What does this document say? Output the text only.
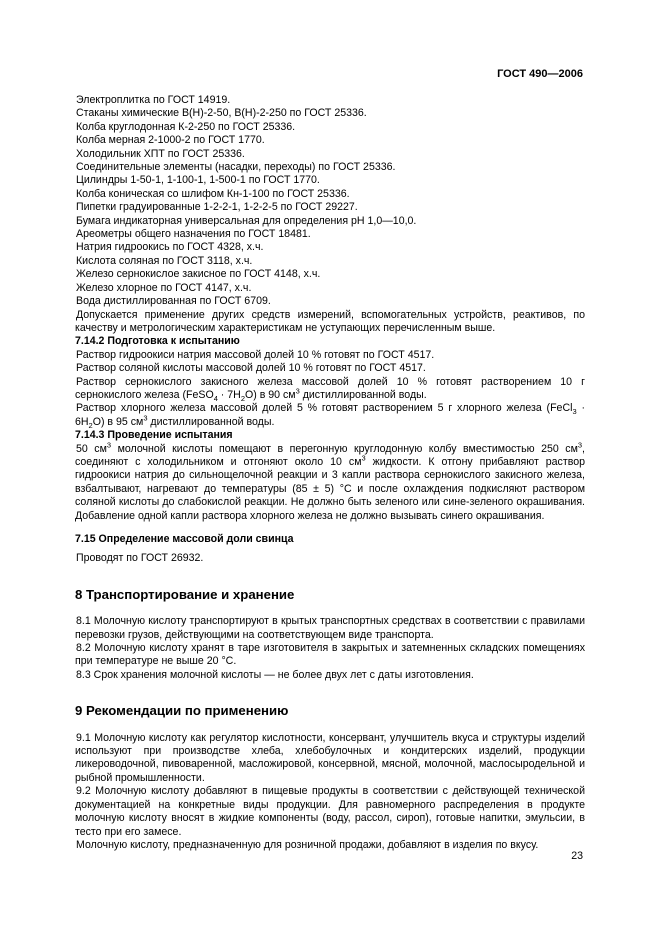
ГОСТ 490—2006

Электроплитка по ГОСТ 14919.

Стаканы химические В(Н)-2-50, В(Н)-2-250 по ГОСТ 25336.

Колба круглодонная К-2-250 по ГОСТ 25336.

Колба мерная 2-1000-2 по ГОСТ 1770.

Холодильник ХПТ по ГОСТ 25336.

Соединительные элементы (насадки, переходы) по ГОСТ 25336.

Цилиндры 1-50-1, 1-100-1, 1-500-1 по ГОСТ 1770.

Колба коническая со шлифом Кн-1-100 по ГОСТ 25336.

Пипетки градуированные 1-2-2-1, 1-2-2-5 по ГОСТ 29227.

Бумага индикаторная универсальная для определения рН 1,0—10,0.

Ареометры общего назначения по ГОСТ 18481.

Натрия гидроокись по ГОСТ 4328, х.ч.

Кислота соляная по ГОСТ 3118, х.ч.

Железо сернокислое закисное по ГОСТ 4148, х.ч.

Железо хлорное по ГОСТ 4147, х.ч.

Вода дистиллированная по ГОСТ 6709.

Допускается применение других средств измерений, вспомогательных устройств, реактивов, по качеству и метрологическим характеристикам не уступающих перечисленным выше.

7.14.2 Подготовка к испытанию

Раствор гидроокиси натрия массовой долей 10 % готовят по ГОСТ 4517.

Раствор соляной кислоты массовой долей 10 % готовят по ГОСТ 4517.

Раствор сернокислого закисного железа массовой долей 10 % готовят растворением 10 г сернокислого железа (FeSO$_4$ · $7H_2O$) в 90 $см^3$ дистиллированной воды.

Раствор хлорного железа массовой долей 5 % готовят растворением 5 г хлорного железа (FeCl$_3$ · $6H_2O$) в 95 $см^3$ дистиллированной воды.

7.14.3 Проведение испытания

50 $см^3$ молочной кислоты помещают в перегонную круглодонную колбу вместимостью 250 $см^3$, соединяют с холодильником и отгоняют около 10 $см^3$ жидкости. К отгону прибавляют раствор гидроокиси натрия до сильнощелочной реакции и 3 капли раствора сернокислого закисного железа, взбалтывают, нагревают до температуры (85 ± 5) °С и после охлаждения подкисляют раствором соляной кислоты до слабокислой реакции. Не должно быть зеленого или сине-зеленого окрашивания. Добавление одной капли раствора хлорного железа не должно вызывать синего окрашивания.

7.15 Определение массовой доли свинца

Проводят по ГОСТ 26932.

8 Транспортирование и хранение

8.1 Молочную кислоту транспортируют в крытых транспортных средствах в соответствии с правилами перевозки грузов, действующими на соответствующем виде транспорта.

8.2 Молочную кислоту хранят в таре изготовителя в закрытых и затемненных складских помещениях при температуре не выше 20 °С.

8.3 Срок хранения молочной кислоты — не более двух лет с даты изготовления.

9 Рекомендации по применению

9.1 Молочную кислоту как регулятор кислотности, консервант, улучшитель вкуса и структуры изделий используют при производстве хлеба, хлебобулочных и кондитерских изделий, продукции ликероводочной, пивоваренной, масложировой, консервной, мясной, молочной, маслосыродельной и рыбной промышленности.

9.2 Молочную кислоту добавляют в пищевые продукты в соответствии с действующей технической документацией на конкретные виды продукции. Для равномерного распределения в продукте молочную кислоту вносят в жидкие компоненты (воду, рассол, сироп), готовые напитки, эмульсии, в тесто при его замесе.

Молочную кислоту, предназначенную для розничной продажи, добавляют в изделия по вкусу.

23
